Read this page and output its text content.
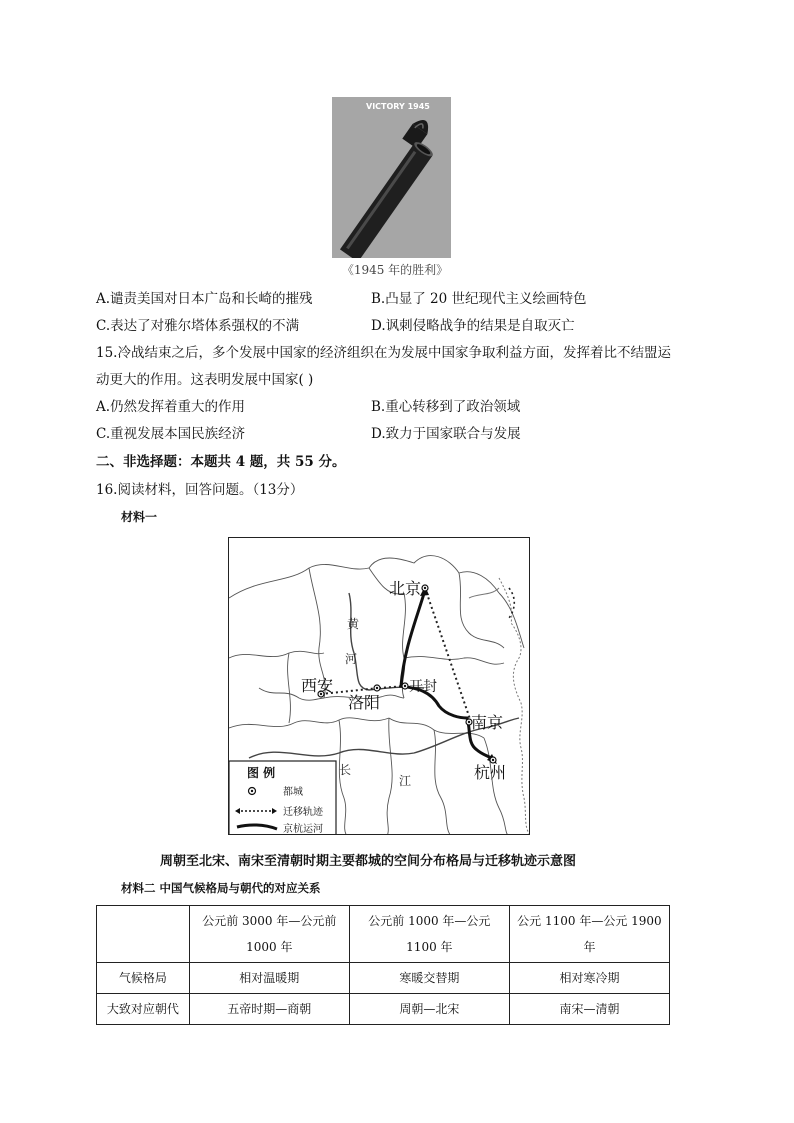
VICTORY 1945
《1945 年的胜利》
A.谴责美国对日本广岛和长崎的摧残	B.凸显了 20 世纪现代主义绘画特色
C.表达了对雅尔塔体系强权的不满	D.讽刺侵略战争的结果是自取灭亡
15.冷战结束之后，多个发展中国家的经济组织在为发展中国家争取利益方面，发挥着比不结盟运
动更大的作用。这表明发展中国家( )
A.仍然发挥着重大的作用	B.重心转移到了政治领域
C.重视发展本国民族经济	D.致力于国家联合与发展
二、非选择题：本题共 4 题，共 55 分。
16.阅读材料，回答问题。（13分）
材料一
北京
西安
洛阳
开封
南京
杭州
黄
河
长
江
图 例
都城
迁移轨迹
京杭运河
周朝至北宋、南宋至清朝时期主要都城的空间分布格局与迁移轨迹示意图
材料二 中国气候格局与朝代的对应关系
	公元前 3000 年—公元前 1000 年	公元前 1000 年—公元 1100 年	公元 1100 年—公元 1900 年
气候格局	相对温暖期	寒暖交替期	相对寒冷期
大致对应朝代	五帝时期—商朝	周朝—北宋	南宋—清朝
